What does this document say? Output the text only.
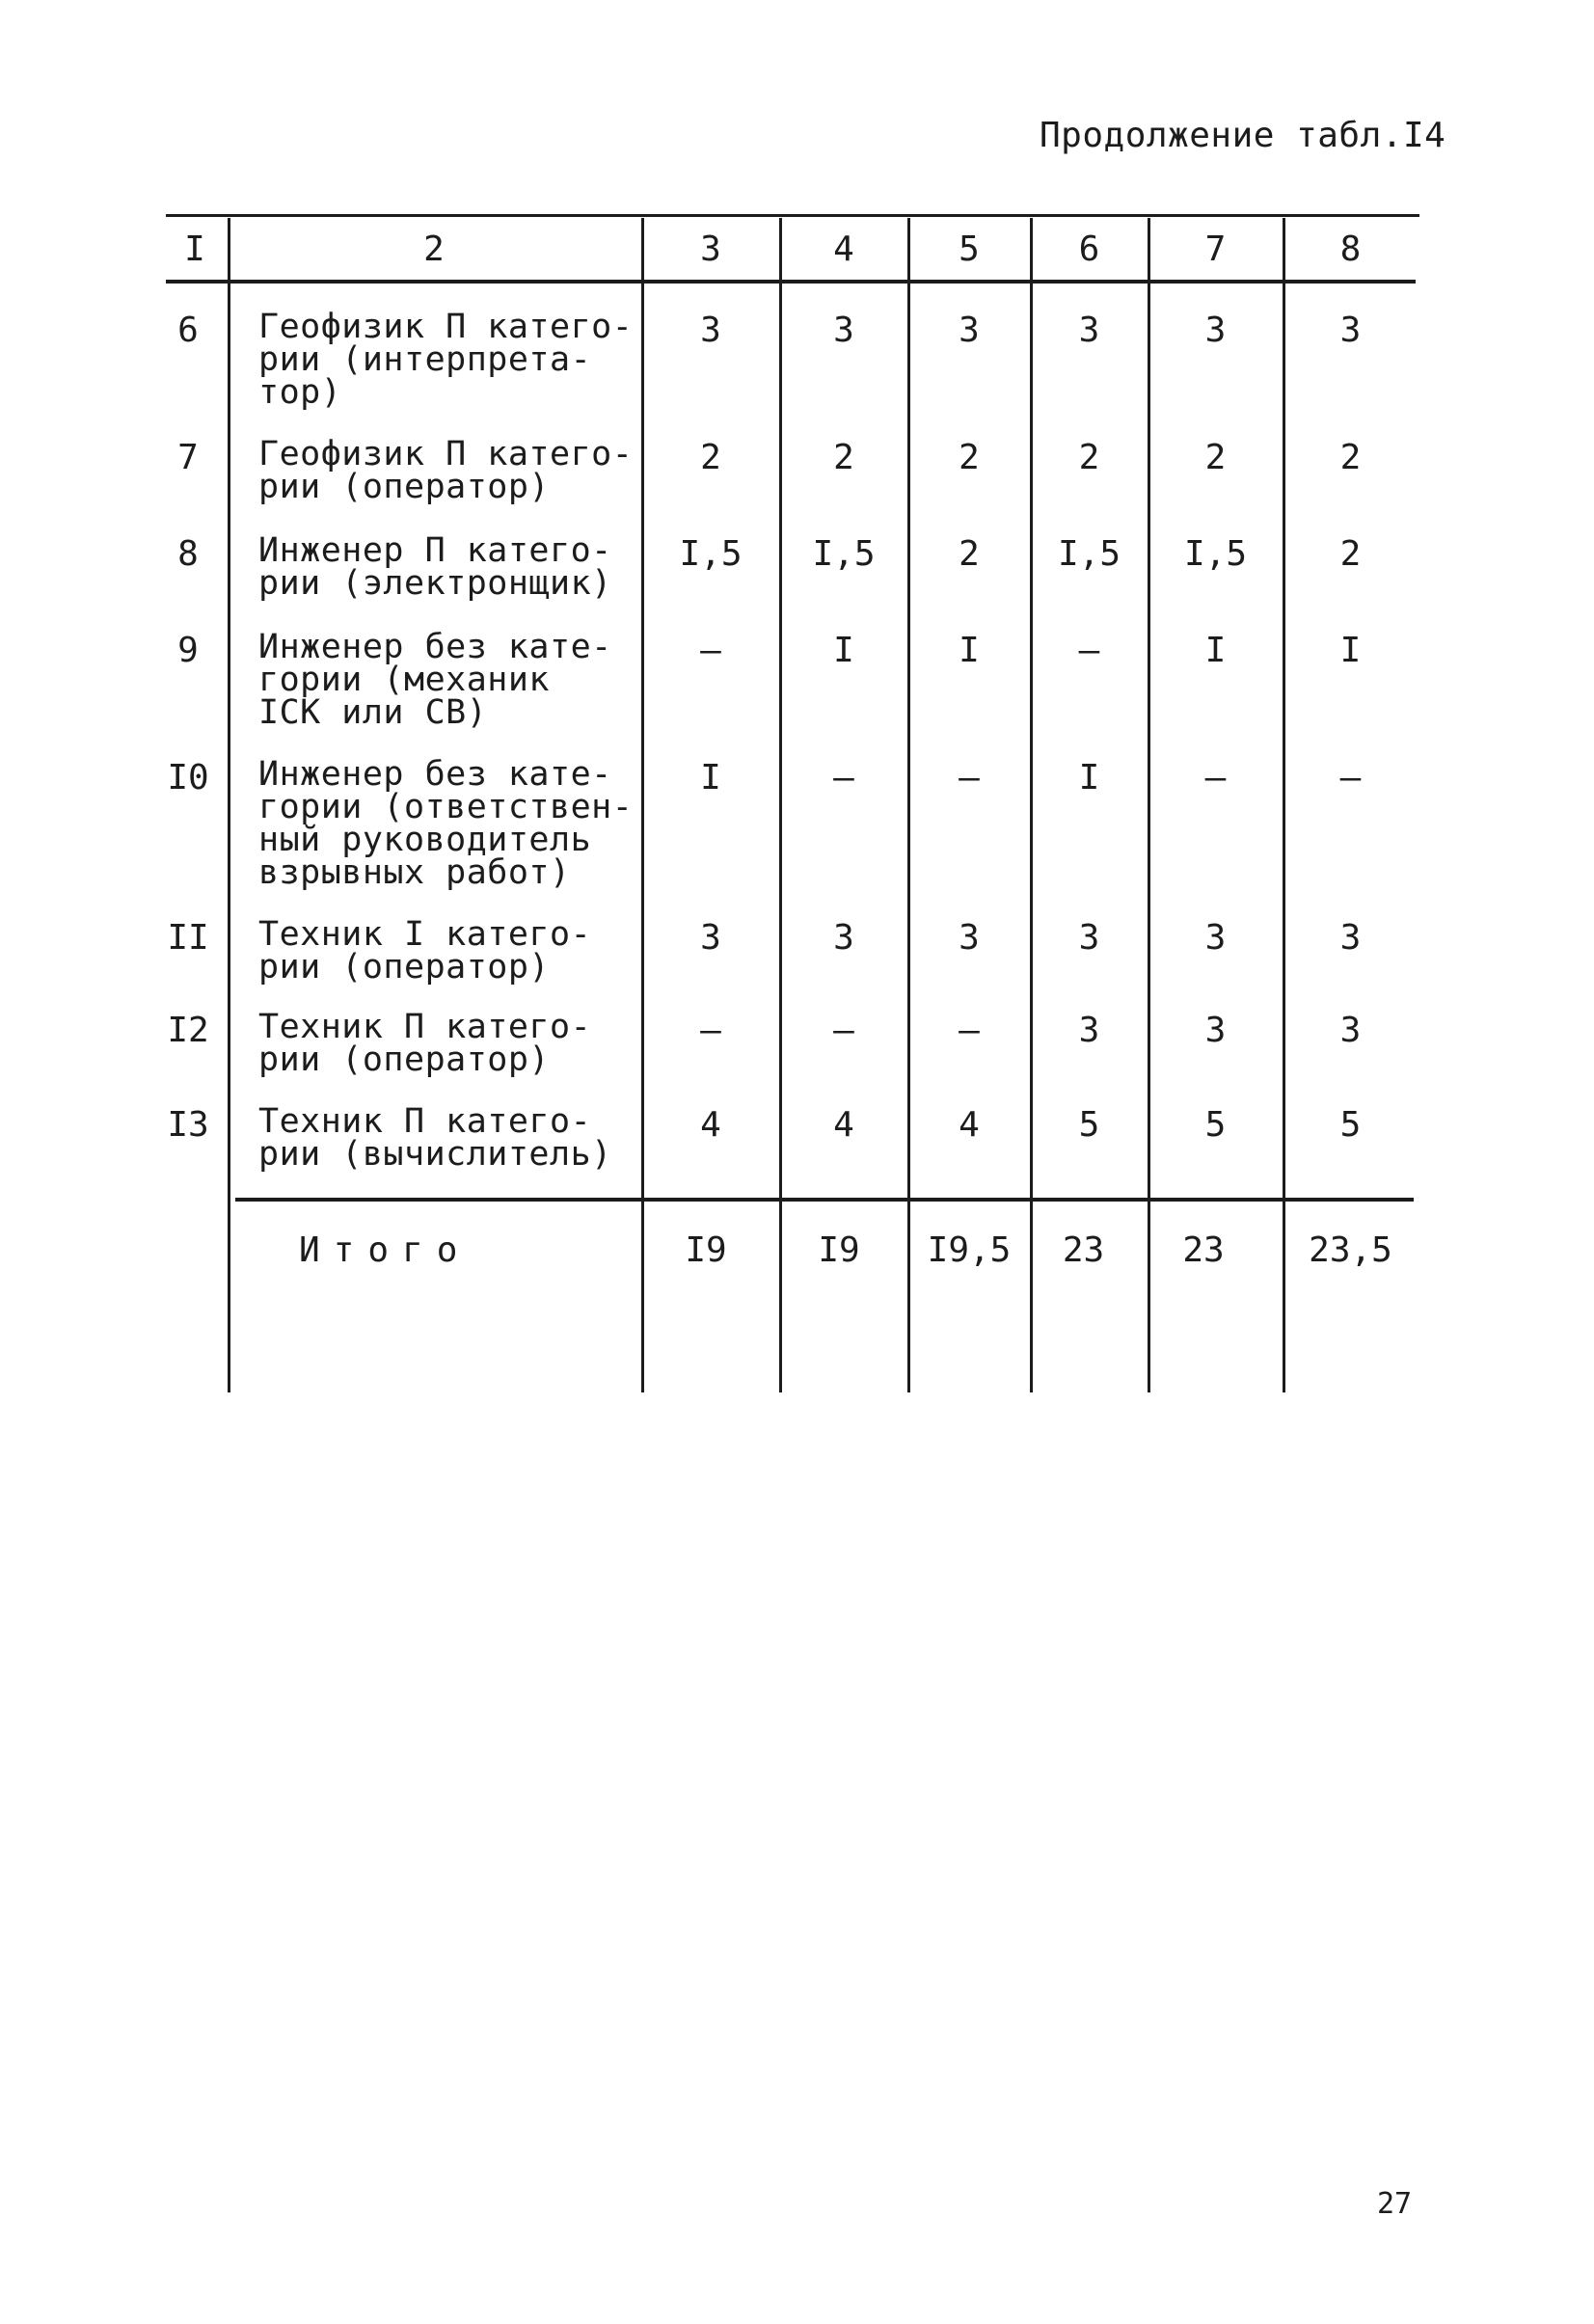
Продолжение табл.I4
I	2	3	4	5	6	7	8
6	Геофизик П катего-
рии (интерпрета-
тор)
3	3	3	3	3	3
7	Геофизик П катего-
рии (оператор)
2	2	2	2	2	2
8	Инженер П катего-
рии (электронщик)
I,5	I,5	2	I,5	I,5	2
9	Инженер без кате-
гории (механик
ICK или СВ)
–	I	I	–	I	I
I0	Инженер без кате-
гории (ответствен-
ный руководитель
взрывных работ)
I	–	–	I	–	–
II	Техник I катего-
рии (оператор)
3	3	3	3	3	3
I2	Техник П катего-
рии (оператор)
–	–	–	3	3	3
I3	Техник П катего-
рии (вычислитель)
4	4	4	5	5	5
Итого	I9	I9	I9,5	23	23	23,5
27
